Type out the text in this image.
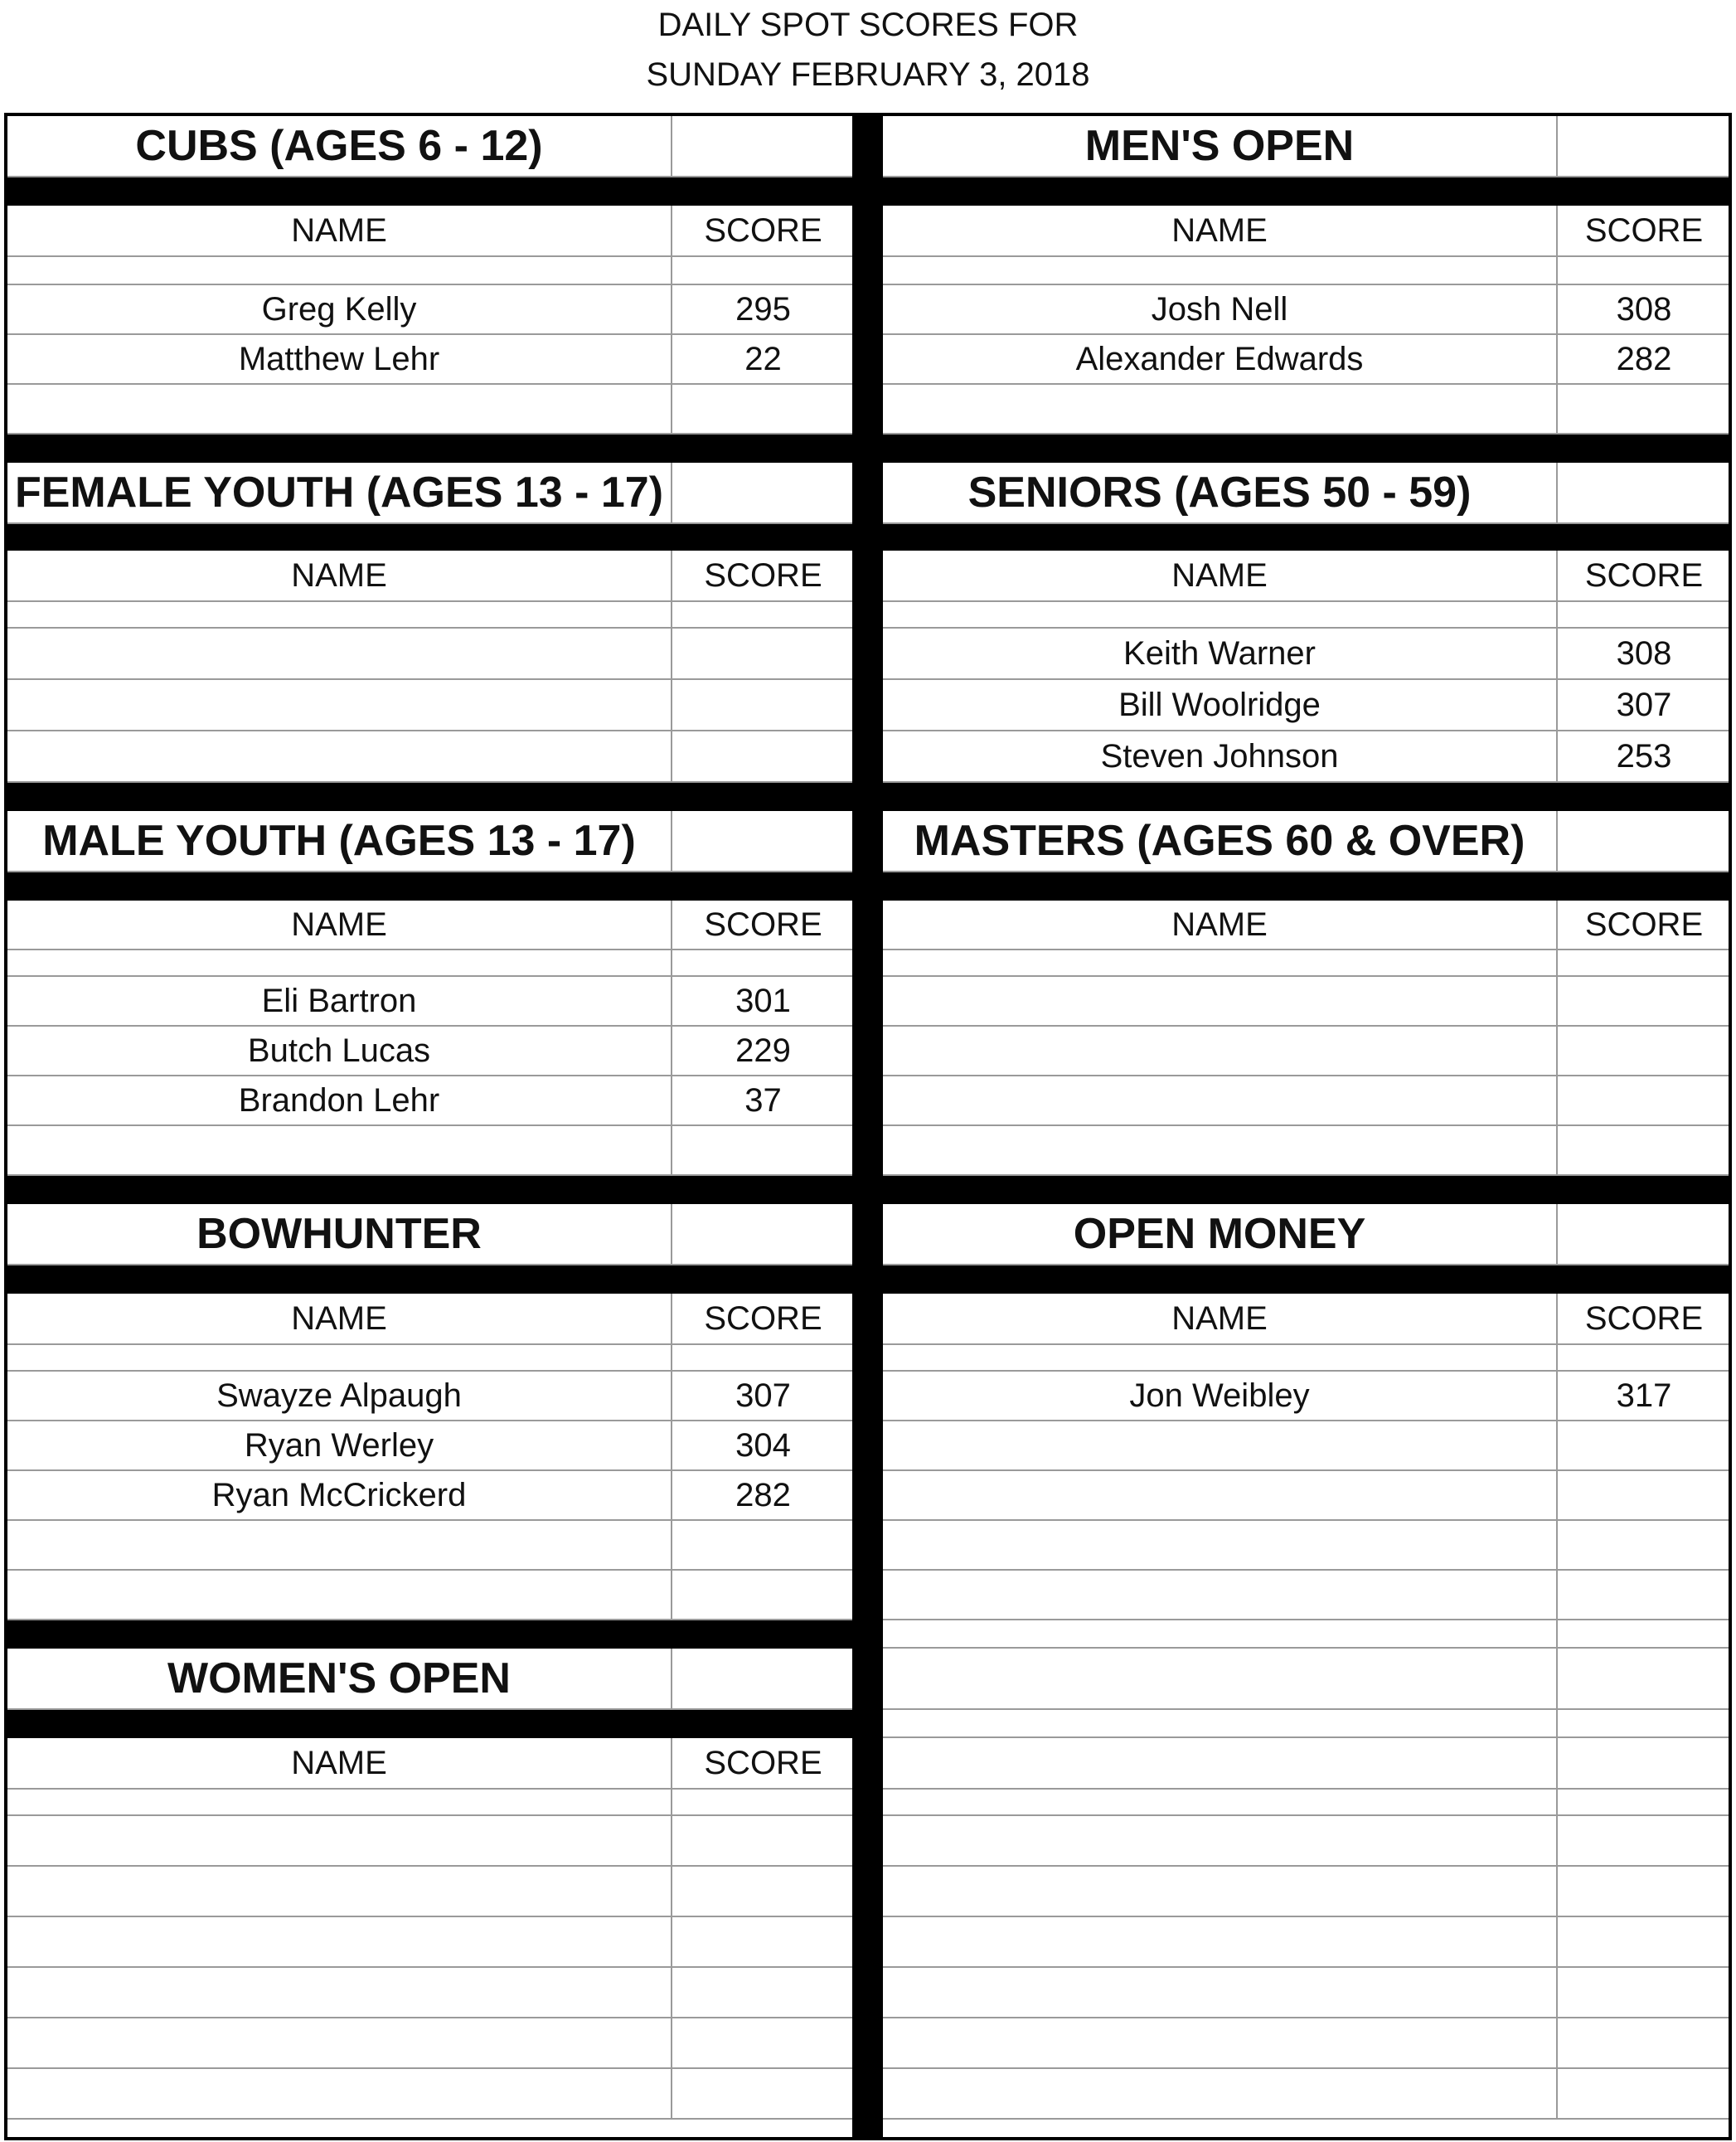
DAILY SPOT SCORES FOR
SUNDAY FEBRUARY 3, 2018
CUBS (AGES 6 - 12)
NAME	SCORE
Greg Kelly	295
Matthew Lehr	22
FEMALE YOUTH (AGES 13 - 17)
NAME	SCORE
MALE YOUTH (AGES 13 - 17)
NAME	SCORE
Eli Bartron	301
Butch Lucas	229
Brandon Lehr	37
BOWHUNTER
NAME	SCORE
Swayze Alpaugh	307
Ryan Werley	304
Ryan McCrickerd	282
WOMEN'S OPEN
NAME	SCORE
MEN'S OPEN
NAME	SCORE
Josh Nell	308
Alexander Edwards	282
SENIORS (AGES 50 - 59)
NAME	SCORE
Keith Warner	308
Bill Woolridge	307
Steven Johnson	253
MASTERS (AGES 60 & OVER)
NAME	SCORE
OPEN MONEY
NAME	SCORE
Jon Weibley	317
